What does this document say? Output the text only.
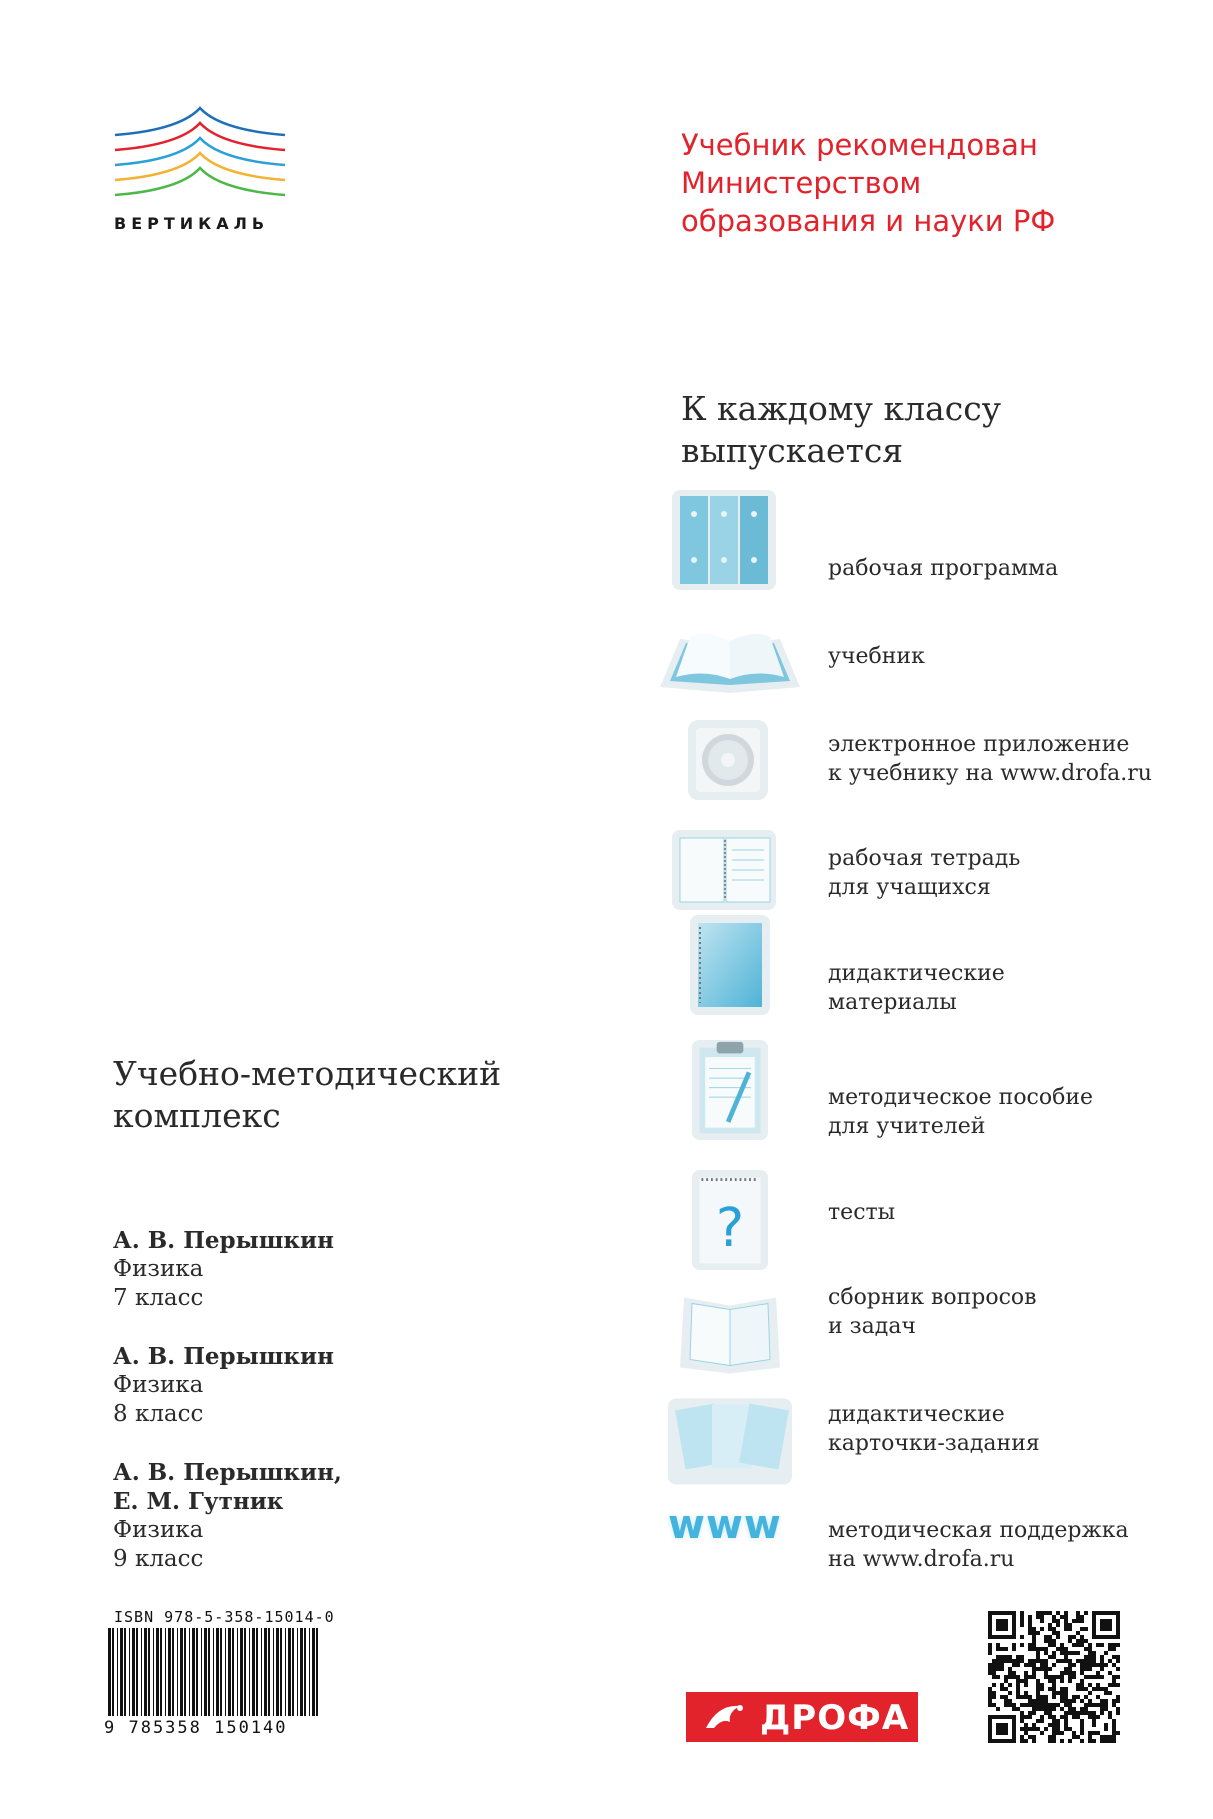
ВЕРТИКАЛЬ
Учебник рекомендован
Министерством
образования и науки РФ
К каждому классу
выпускается
рабочая программа
учебник
электронное приложение
к учебнику на www.drofa.ru
рабочая тетрадь
для учащихся
дидактические
материалы
методическое пособие
для учителей
?	тесты
сборник вопросов
и задач
дидактические
карточки-задания
www методическая поддержка
на www.drofa.ru
Учебно-методический
комплекс
А. В. Перышкин
Физика
7 класс
А. В. Перышкин
Физика
8 класс
А. В. Перышкин,
Е. М. Гутник
Физика
9 класс
ISBN 978-5-358-15014-0
9 785358 150140	ДРОФА
